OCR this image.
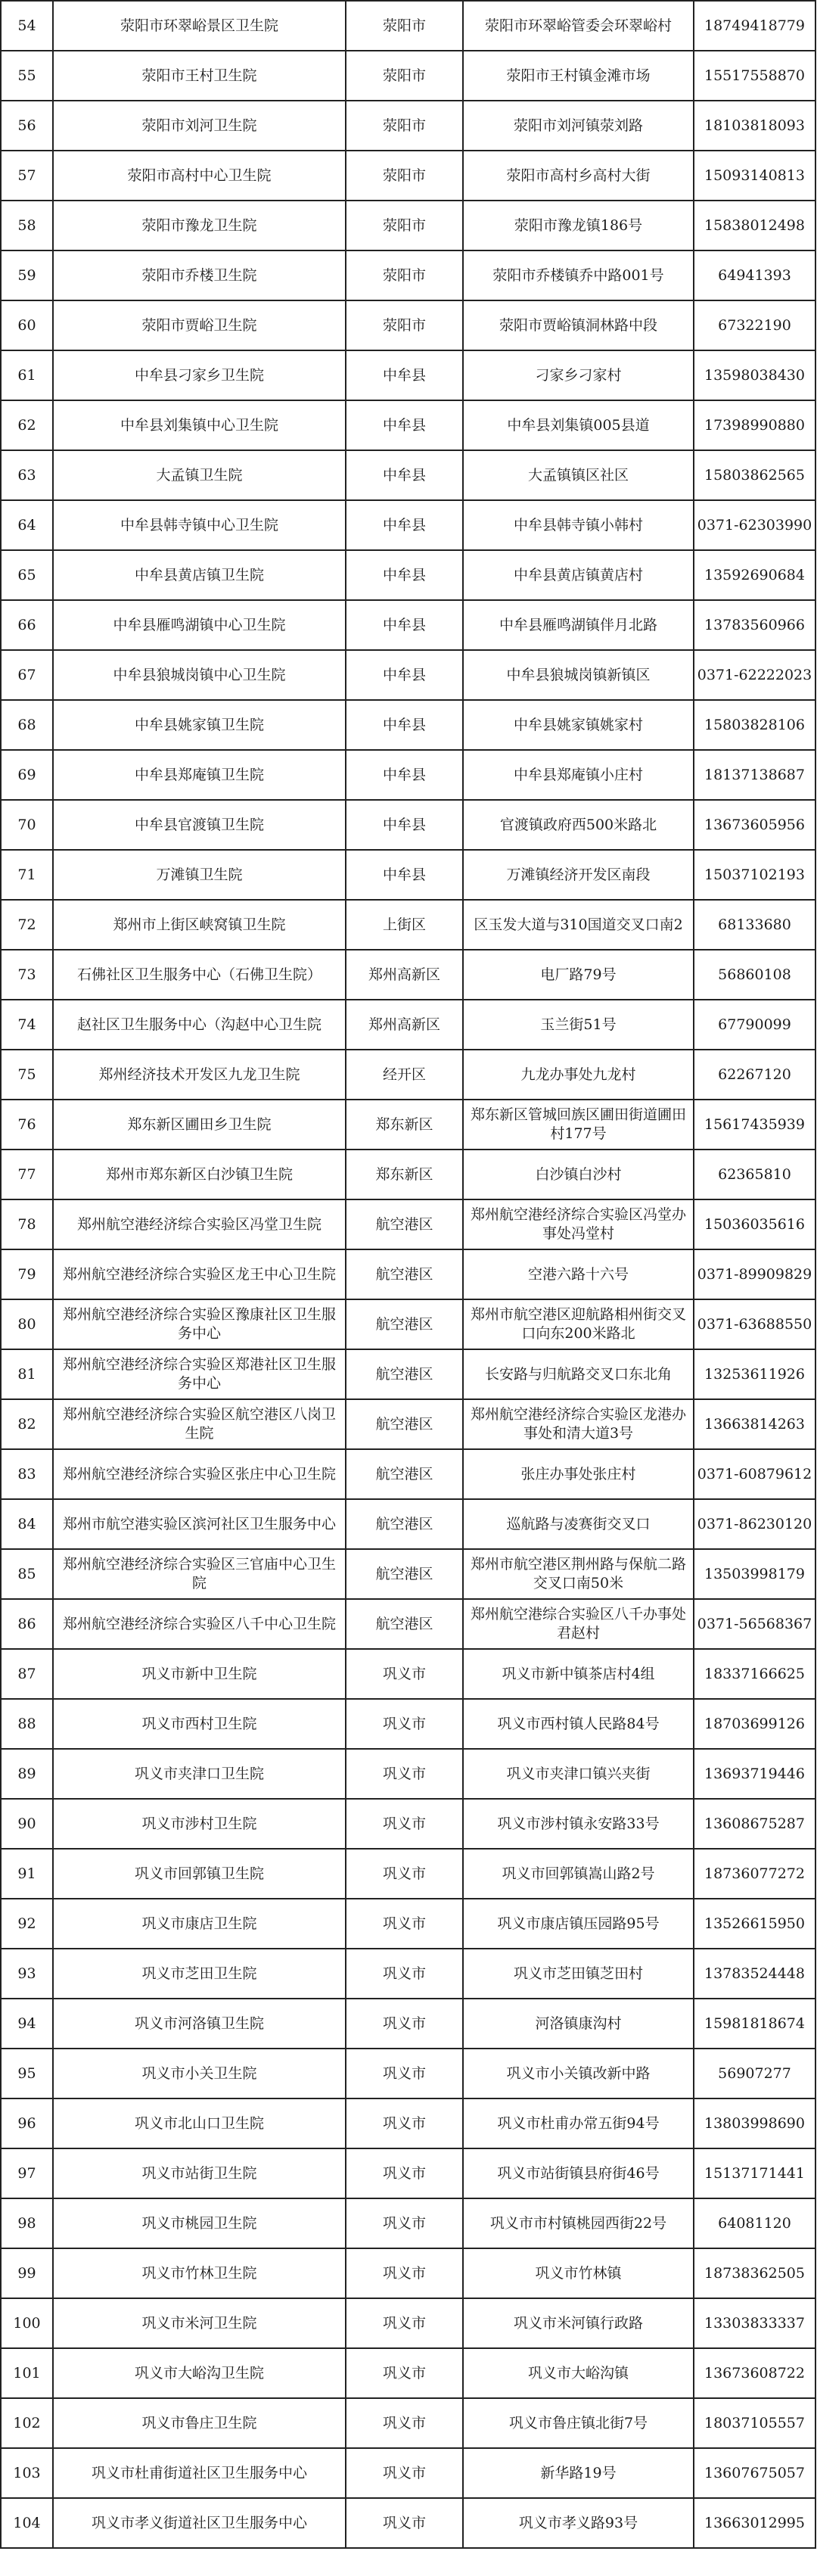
54	荥阳市环翠峪景区卫生院	荥阳市	荥阳市环翠峪管委会环翠峪村	18749418779
55	荥阳市王村卫生院	荥阳市	荥阳市王村镇金滩市场	15517558870
56	荥阳市刘河卫生院	荥阳市	荥阳市刘河镇荥刘路	18103818093
57	荥阳市高村中心卫生院	荥阳市	荥阳市高村乡高村大街	15093140813
58	荥阳市豫龙卫生院	荥阳市	荥阳市豫龙镇186号	15838012498
59	荥阳市乔楼卫生院	荥阳市	荥阳市乔楼镇乔中路001号	64941393
60	荥阳市贾峪卫生院	荥阳市	荥阳市贾峪镇洞林路中段	67322190
61	中牟县刁家乡卫生院	中牟县	刁家乡刁家村	13598038430
62	中牟县刘集镇中心卫生院	中牟县	中牟县刘集镇005县道	17398990880
63	大孟镇卫生院	中牟县	大孟镇镇区社区	15803862565
64	中牟县韩寺镇中心卫生院	中牟县	中牟县韩寺镇小韩村	0371-62303990
65	中牟县黄店镇卫生院	中牟县	中牟县黄店镇黄店村	13592690684
66	中牟县雁鸣湖镇中心卫生院	中牟县	中牟县雁鸣湖镇伴月北路	13783560966
67	中牟县狼城岗镇中心卫生院	中牟县	中牟县狼城岗镇新镇区	0371-62222023
68	中牟县姚家镇卫生院	中牟县	中牟县姚家镇姚家村	15803828106
69	中牟县郑庵镇卫生院	中牟县	中牟县郑庵镇小庄村	18137138687
70	中牟县官渡镇卫生院	中牟县	官渡镇政府西500米路北	13673605956
71	万滩镇卫生院	中牟县	万滩镇经济开发区南段	15037102193
72	郑州市上街区峡窝镇卫生院	上街区	区玉发大道与310国道交叉口南2	68133680
73	石佛社区卫生服务中心（石佛卫生院）	郑州高新区	电厂路79号	56860108
74	赵社区卫生服务中心（沟赵中心卫生院	郑州高新区	玉兰街51号	67790099
75	郑州经济技术开发区九龙卫生院	经开区	九龙办事处九龙村	62267120
76	郑东新区圃田乡卫生院	郑东新区	郑东新区管城回族区圃田街道圃田村177号	15617435939
77	郑州市郑东新区白沙镇卫生院	郑东新区	白沙镇白沙村	62365810
78	郑州航空港经济综合实验区冯堂卫生院	航空港区	郑州航空港经济综合实验区冯堂办事处冯堂村	15036035616
79	郑州航空港经济综合实验区龙王中心卫生院	航空港区	空港六路十六号	0371-89909829
80	郑州航空港经济综合实验区豫康社区卫生服务中心	航空港区	郑州市航空港区迎航路相州街交叉口向东200米路北	0371-63688550
81	郑州航空港经济综合实验区郑港社区卫生服务中心	航空港区	长安路与归航路交叉口东北角	13253611926
82	郑州航空港经济综合实验区航空港区八岗卫生院	航空港区	郑州航空港经济综合实验区龙港办事处和清大道3号	13663814263
83	郑州航空港经济综合实验区张庄中心卫生院	航空港区	张庄办事处张庄村	0371-60879612
84	郑州市航空港实验区滨河社区卫生服务中心	航空港区	巡航路与凌赛街交叉口	0371-86230120
85	郑州航空港经济综合实验区三官庙中心卫生院	航空港区	郑州市航空港区荆州路与保航二路交叉口南50米	13503998179
86	郑州航空港经济综合实验区八千中心卫生院	航空港区	郑州航空港综合实验区八千办事处君赵村	0371-56568367
87	巩义市新中卫生院	巩义市	巩义市新中镇茶店村4组	18337166625
88	巩义市西村卫生院	巩义市	巩义市西村镇人民路84号	18703699126
89	巩义市夹津口卫生院	巩义市	巩义市夹津口镇兴夹街	13693719446
90	巩义市涉村卫生院	巩义市	巩义市涉村镇永安路33号	13608675287
91	巩义市回郭镇卫生院	巩义市	巩义市回郭镇嵩山路2号	18736077272
92	巩义市康店卫生院	巩义市	巩义市康店镇压园路95号	13526615950
93	巩义市芝田卫生院	巩义市	巩义市芝田镇芝田村	13783524448
94	巩义市河洛镇卫生院	巩义市	河洛镇康沟村	15981818674
95	巩义市小关卫生院	巩义市	巩义市小关镇改新中路	56907277
96	巩义市北山口卫生院	巩义市	巩义市杜甫办常五街94号	13803998690
97	巩义市站街卫生院	巩义市	巩义市站街镇县府街46号	15137171441
98	巩义市桃园卫生院	巩义市	巩义市市村镇桃园西街22号	64081120
99	巩义市竹林卫生院	巩义市	巩义市竹林镇	18738362505
100	巩义市米河卫生院	巩义市	巩义市米河镇行政路	13303833337
101	巩义市大峪沟卫生院	巩义市	巩义市大峪沟镇	13673608722
102	巩义市鲁庄卫生院	巩义市	巩义市鲁庄镇北街7号	18037105557
103	巩义市杜甫街道社区卫生服务中心	巩义市	新华路19号	13607675057
104	巩义市孝义街道社区卫生服务中心	巩义市	巩义市孝义路93号	13663012995
